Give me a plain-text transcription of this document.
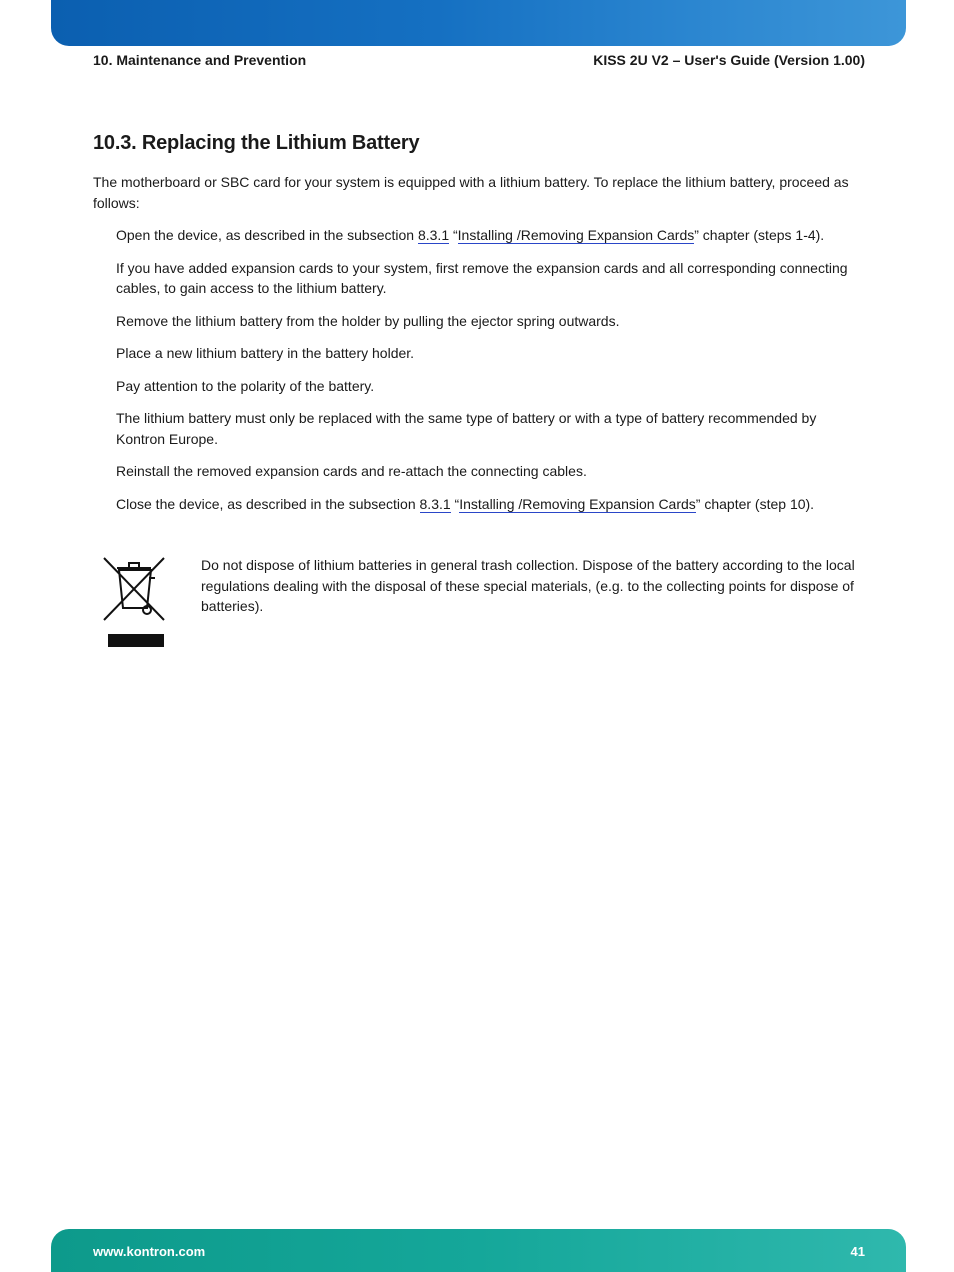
10. Maintenance and Prevention	KISS 2U V2 – User's Guide (Version 1.00)
10.3. Replacing the Lithium Battery

The motherboard or SBC card for your system is equipped with a lithium battery. To replace the lithium battery, proceed as follows:

Open the device, as described in the subsection 8.3.1 “Installing /Removing Expansion Cards” chapter (steps 1-4).
If you have added expansion cards to your system, first remove the expansion cards and all corresponding connecting cables, to gain access to the lithium battery.
Remove the lithium battery from the holder by pulling the ejector spring outwards.
Place a new lithium battery in the battery holder.
Pay attention to the polarity of the battery.
The lithium battery must only be replaced with the same type of battery or with a type of battery recommended by Kontron Europe.
Reinstall the removed expansion cards and re-attach the connecting cables.
Close the device, as described in the subsection 8.3.1 “Installing /Removing Expansion Cards” chapter (step 10).

Do not dispose of lithium batteries in general trash collection. Dispose of the battery according to the local regulations dealing with the disposal of these special materials, (e.g. to the collecting points for dispose of batteries).

www.kontron.com	41
